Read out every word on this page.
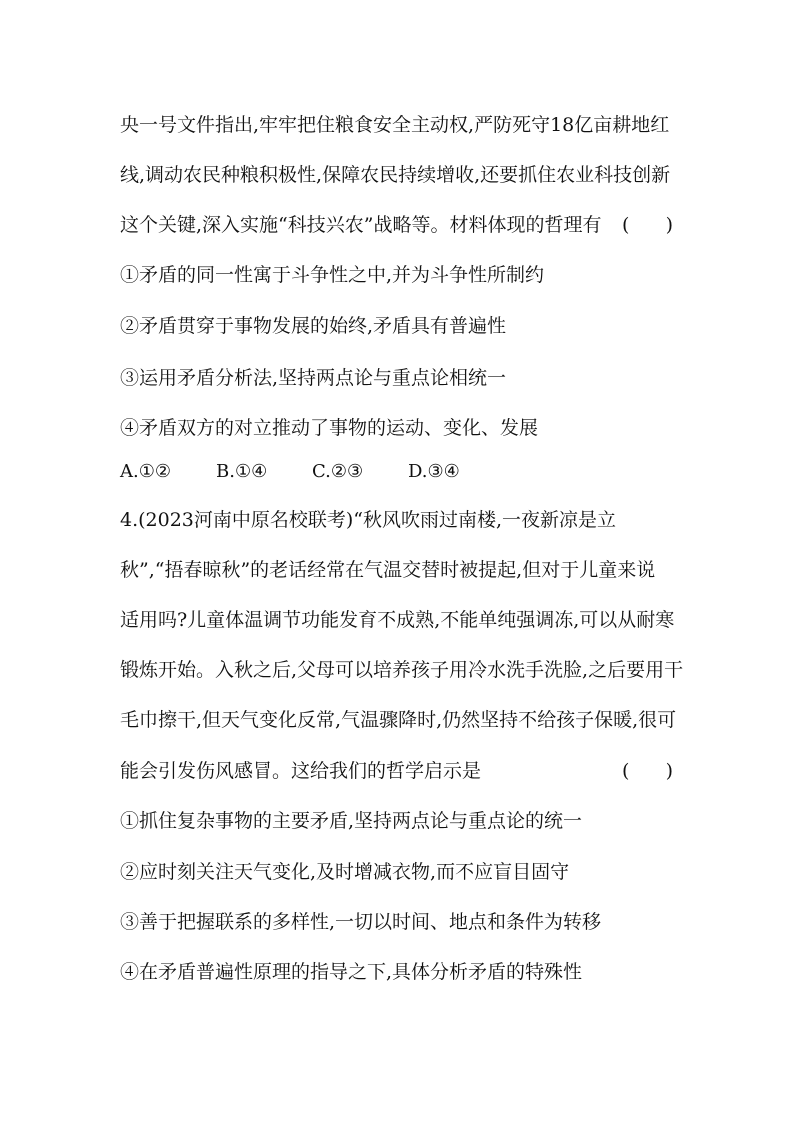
央一号文件指出,牢牢把住粮食安全主动权,严防死守18亿亩耕地红
线,调动农民种粮积极性,保障农民持续增收,还要抓住农业科技创新
这个关键,深入实施“科技兴农”战略等。材料体现的哲理有 (      )
①矛盾的同一性寓于斗争性之中,并为斗争性所制约
②矛盾贯穿于事物发展的始终,矛盾具有普遍性
③运用矛盾分析法,坚持两点论与重点论相统一
④矛盾双方的对立推动了事物的运动、变化、发展
A.①②	B.①④	C.②③	D.③④
4.(2023河南中原名校联考)“秋风吹雨过南楼,一夜新凉是立
秋”,“捂春晾秋”的老话经常在气温交替时被提起,但对于儿童来说
适用吗?儿童体温调节功能发育不成熟,不能单纯强调冻,可以从耐寒
锻炼开始。入秋之后,父母可以培养孩子用冷水洗手洗脸,之后要用干
毛巾擦干,但天气变化反常,气温骤降时,仍然坚持不给孩子保暖,很可
能会引发伤风感冒。这给我们的哲学启示是	(      )
①抓住复杂事物的主要矛盾,坚持两点论与重点论的统一
②应时刻关注天气变化,及时增减衣物,而不应盲目固守
③善于把握联系的多样性,一切以时间、地点和条件为转移
④在矛盾普遍性原理的指导之下,具体分析矛盾的特殊性
